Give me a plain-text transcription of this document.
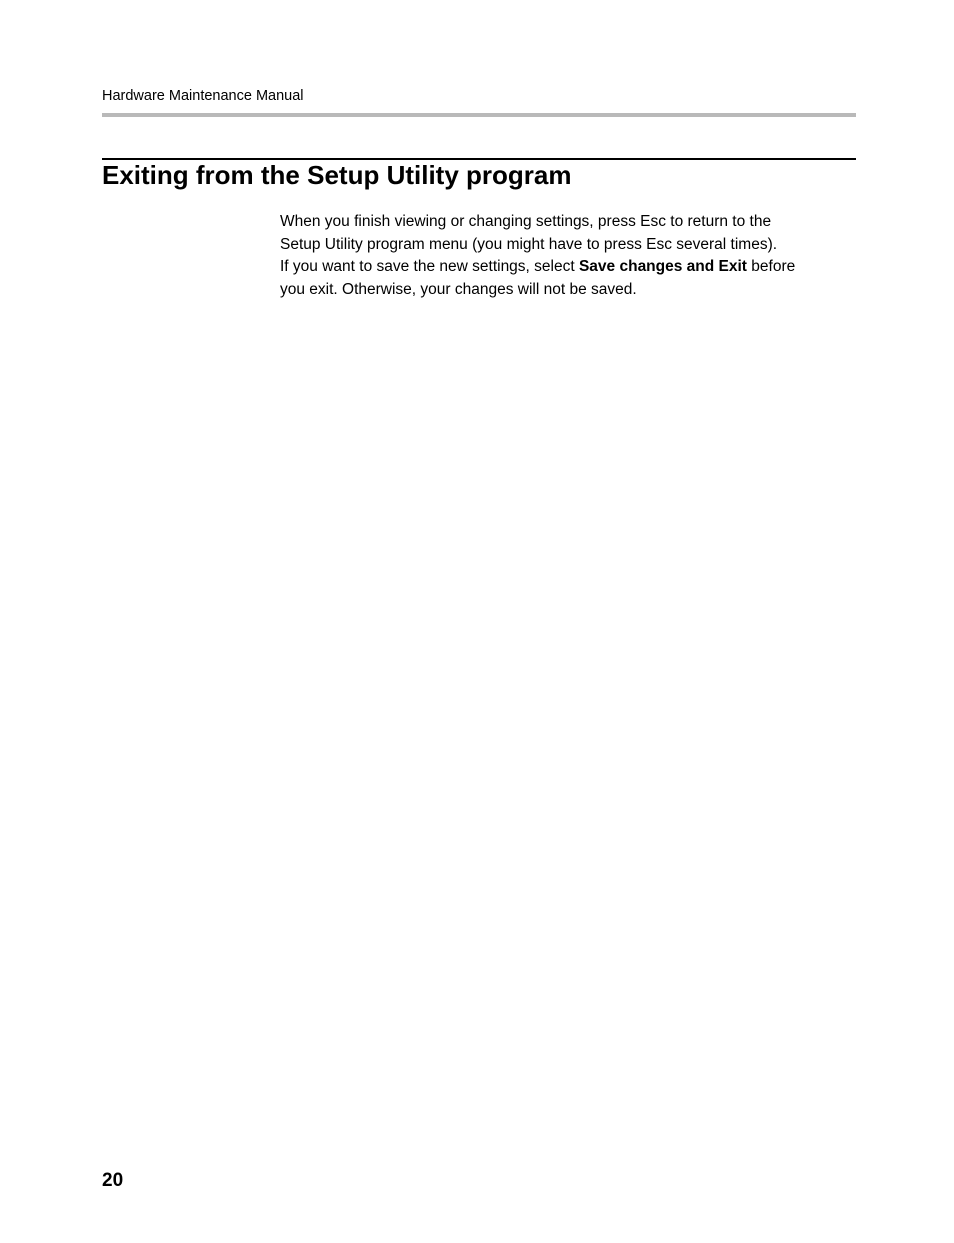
Hardware Maintenance Manual
Exiting from the Setup Utility program

When you finish viewing or changing settings, press Esc to return to the
Setup Utility program menu (you might have to press Esc several times).
If you want to save the new settings, select Save changes and Exit before
you exit. Otherwise, your changes will not be saved.

20
